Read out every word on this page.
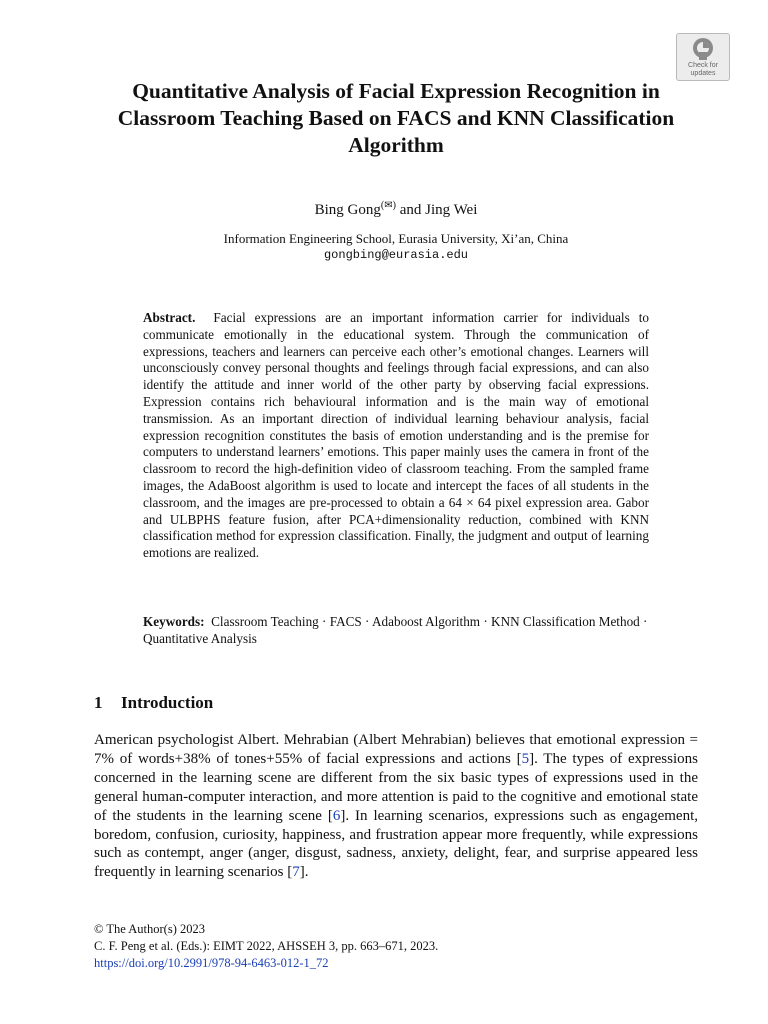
Check for
updates
Quantitative Analysis of Facial Expression Recognition in Classroom Teaching Based on FACS and KNN Classification Algorithm
Bing Gong(✉) and Jing Wei
Information Engineering School, Eurasia University, Xi’an, China
gongbing@eurasia.edu

Abstract. Facial expressions are an important information carrier for individuals to communicate emotionally in the educational system. Through the communication of expressions, teachers and learners can perceive each other’s emotional changes. Learners will unconsciously convey personal thoughts and feelings through facial expressions, and can also identify the attitude and inner world of the other party by observing facial expressions. Expression contains rich behavioural information and is the main way of emotional transmission. As an important direction of individual learning behaviour analysis, facial expression recognition constitutes the basis of emotion understanding and is the premise for computers to understand learners’ emotions. This paper mainly uses the camera in front of the classroom to record the high-definition video of classroom teaching. From the sampled frame images, the AdaBoost algorithm is used to locate and intercept the faces of all students in the classroom, and the images are pre-processed to obtain a 64 × 64 pixel expression area. Gabor and ULBPHS feature fusion, after PCA+dimensionality reduction, combined with KNN classification method for expression classification. Finally, the judgment and output of learning emotions are realized.

Keywords: Classroom Teaching · FACS · Adaboost Algorithm · KNN Classification Method · Quantitative Analysis

1 Introduction

American psychologist Albert. Mehrabian (Albert Mehrabian) believes that emotional expression = 7% of words+38% of tones+55% of facial expressions and actions [5]. The types of expressions concerned in the learning scene are different from the six basic types of expressions used in the general human-computer interaction, and more attention is paid to the cognitive and emotional state of the students in the learning scene [6]. In learning scenarios, expressions such as engagement, boredom, confusion, curiosity, happiness, and frustration appear more frequently, while expressions such as contempt, anger (anger, disgust, sadness, anxiety, delight, fear, and surprise appeared less frequently in learning scenarios [7].

© The Author(s) 2023
C. F. Peng et al. (Eds.): EIMT 2022, AHSSEH 3, pp. 663–671, 2023.
https://doi.org/10.2991/978-94-6463-012-1_72
